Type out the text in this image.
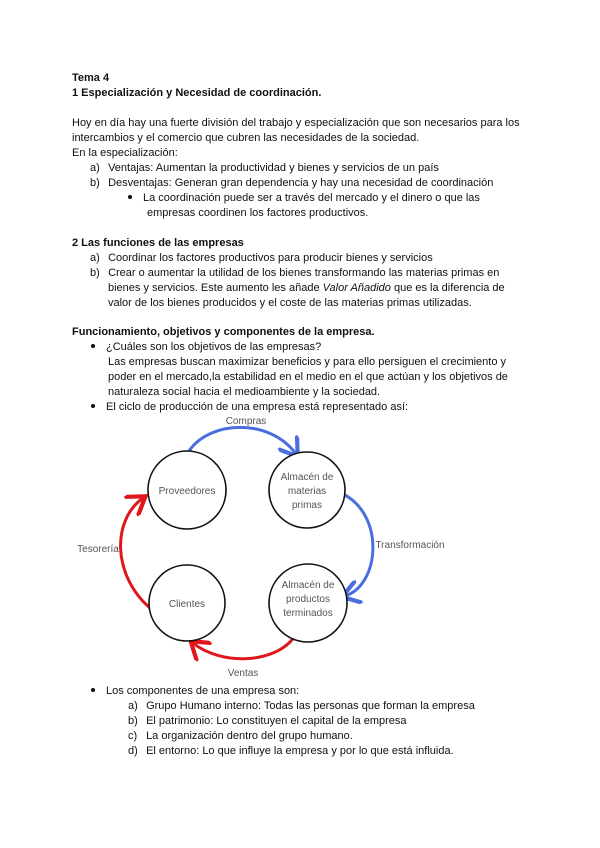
Tema 4
1 Especialización y Necesidad de coordinación.
Hoy en día hay una fuerte división del trabajo y especialización que son necesarios para los
intercambios y el comercio que cubren las necesidades de la sociedad.
En la especialización:
a) Ventajas: Aumentan la productividad y bienes y servicios de un país
b) Desventajas: Generan gran dependencia y hay una necesidad de coordinación
La coordinación puede ser a través del mercado y el dinero o que las
empresas coordinen los factores productivos.
2 Las funciones de las empresas
a) Coordinar los factores productivos para producir bienes y servicios
b) Crear o aumentar la utilidad de los bienes transformando las materias primas en
bienes y servicios. Este aumento les añade Valor Añadido que es la diferencia de
valor de los bienes producidos y el coste de las materias primas utilizadas.
Funcionamiento, objetivos y componentes de la empresa.
¿Cuáles son los objetivos de las empresas?
Las empresas buscan maximizar beneficios y para ello persiguen el crecimiento y
poder en el mercado,la estabilidad en el medio en el que actúan y los objetivos de
naturaleza social hacia el medioambiente y la sociedad.
El ciclo de producción de una empresa está representado así:
Proveedores
Almacén de
materias
primas
Clientes
Almacén de
productos
terminados
Compras
Transformación
Ventas
Tesorería
Los componentes de una empresa son:
a) Grupo Humano interno: Todas las personas que forman la empresa
b) El patrimonio: Lo constituyen el capital de la empresa
c) La organización dentro del grupo humano.
d) El entorno: Lo que influye la empresa y por lo que está influida.
